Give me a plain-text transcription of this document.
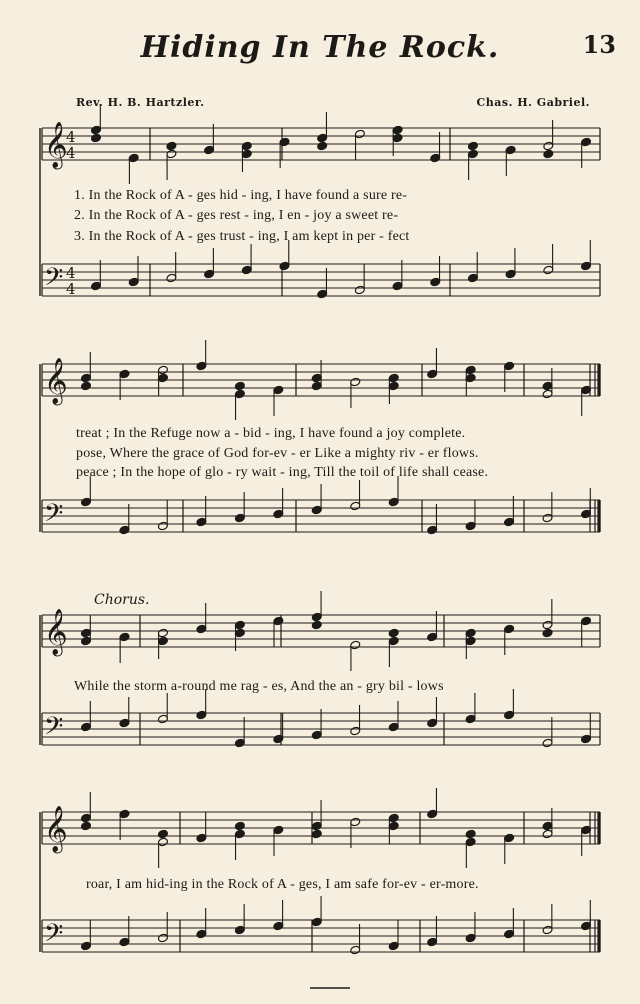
Hiding In The Rock.	13
Rev. H. B. Hartzler.	Chas. H. Gabriel.
𝄞
4
4
𝄢 4
4
𝄞
𝄢
𝄞
𝄢
𝄞
𝄢
1. In the Rock of A - ges hid - ing, I have found a sure re-
2. In the Rock of A - ges rest - ing, I en - joy a sweet re-
3. In the Rock of A - ges trust - ing, I am kept in per - fect
treat ; In the Refuge now a - bid - ing, I have found a joy complete.
pose, Where the grace of God for-ev - er Like a mighty riv - er flows.
peace ; In the hope of glo - ry wait - ing, Till the toil of life shall cease.
Chorus.
While the storm a-round me rag - es, And the an - gry bil - lows
roar, I am hid-ing in the Rock of A - ges, I am safe for-ev - er-more.
